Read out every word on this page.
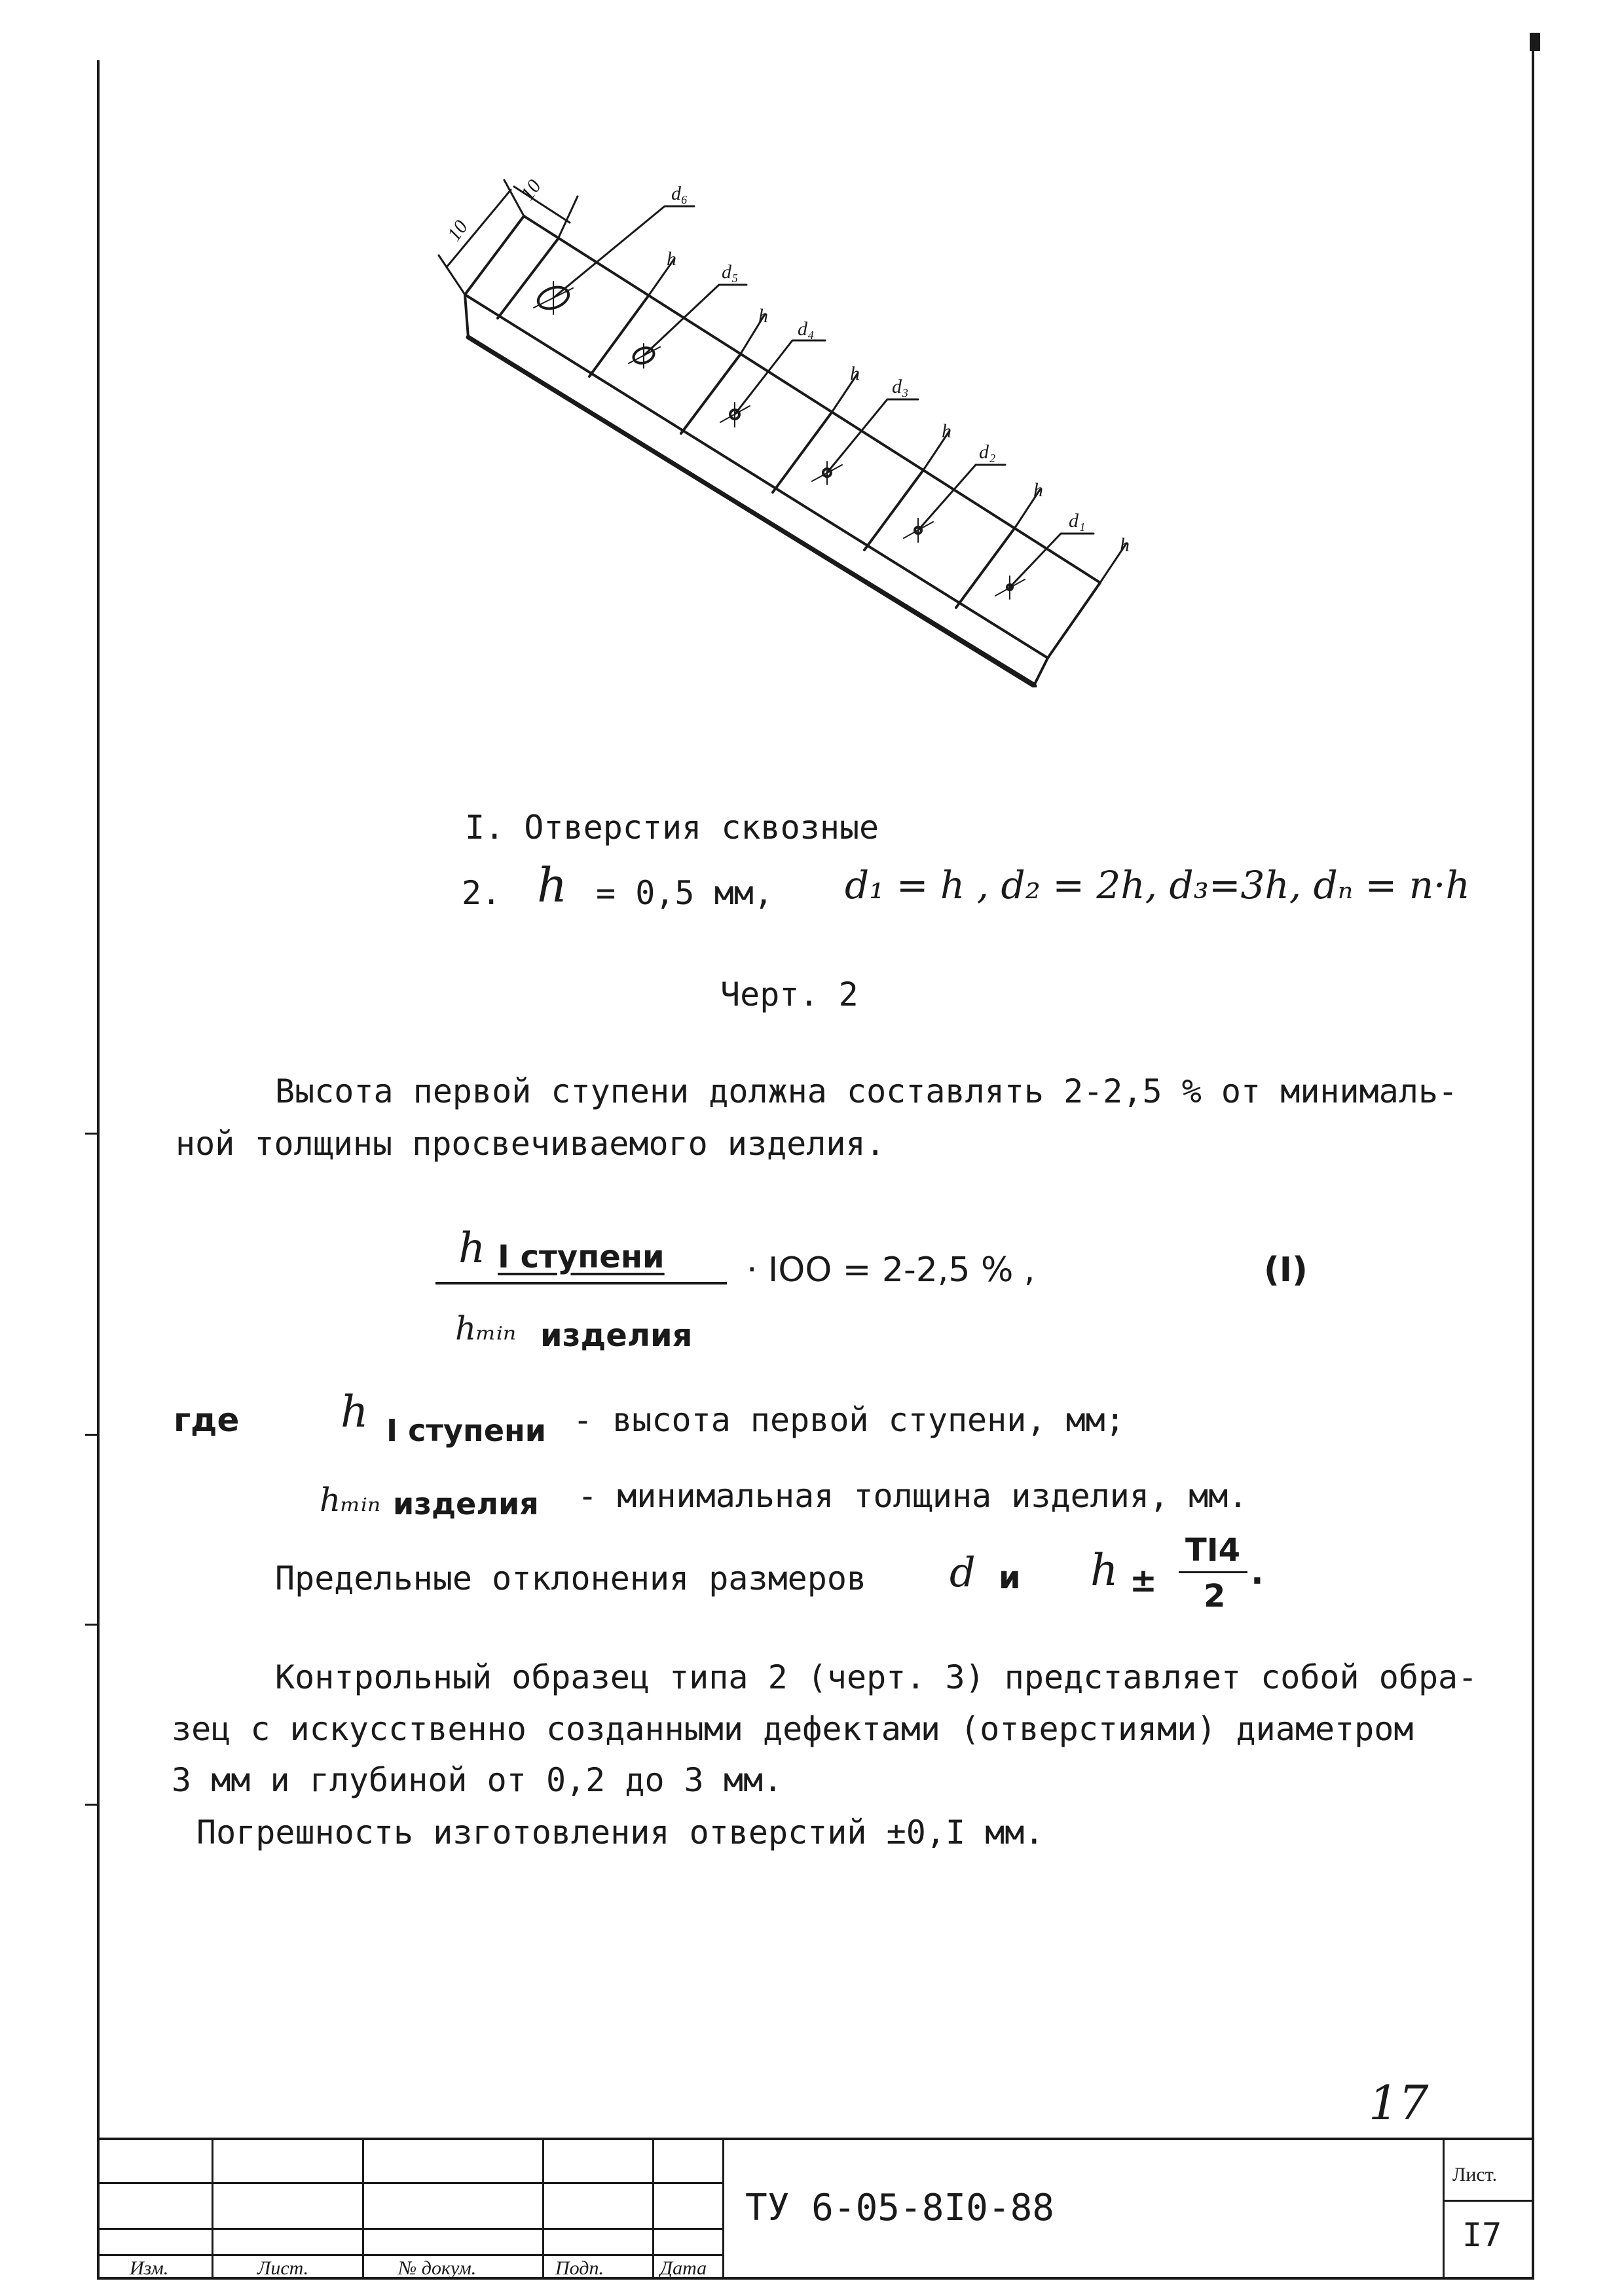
10
10	d₆
d₅
d₄
d₃
d₂
d₁
h
h
h
h
h
h
I. Отверстия сквозные
2. h = 0,5 мм, d₁ = h , d₂ = 2h, d₃=3h, dₙ = n·h
Черт. 2
Высота первой ступени должна составлять 2-2,5 % от минималь-
ной толщины просвечиваемого изделия.
h I ступени
hₘᵢₙ изделия
· IOO = 2-2,5 % ,	(I)
где h I ступени - высота первой ступени, мм;
hₘᵢₙ изделия - минимальная толщина изделия, мм.
Предельные отклонения размеров d и h ±
TI4
2
.
Контрольный образец типа 2 (черт. 3) представляет собой обра-
зец с искусственно созданными дефектами (отверстиями) диаметром
3 мм и глубиной от 0,2 до 3 мм.
Погрешность изготовления отверстий ±0,I мм.
17
Изм.	Лист.	№ докум.	Подп.	Дата
ТУ 6-05-8I0-88
Лист.
I7
